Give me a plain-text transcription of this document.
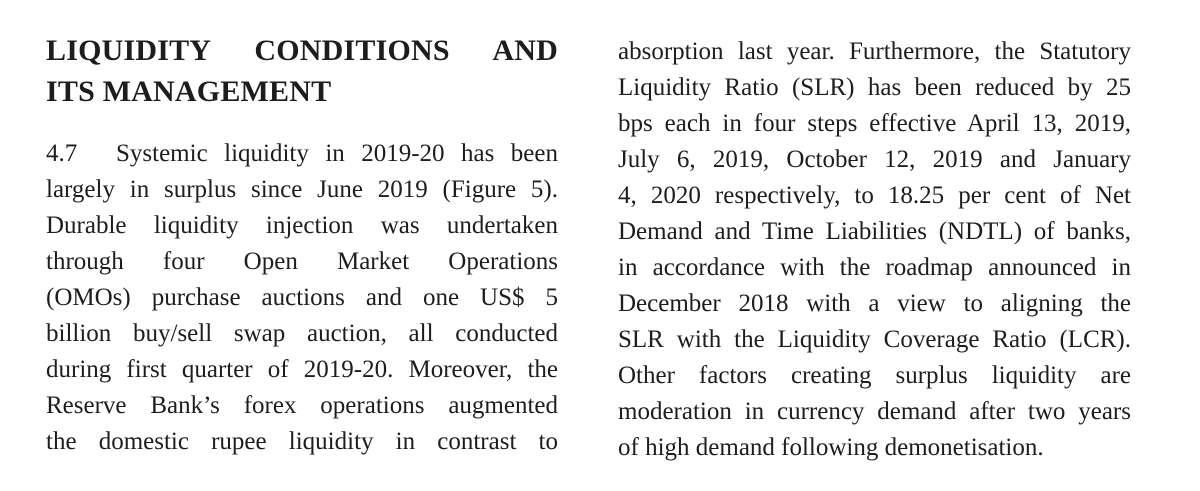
LIQUIDITY CONDITIONS AND
ITS MANAGEMENT
4.7	Systemic liquidity in 2019-20 has been
largely in surplus since June 2019 (Figure 5).
Durable liquidity injection was undertaken
through four Open Market Operations
(OMOs) purchase auctions and one US$ 5
billion buy/sell swap auction, all conducted
during first quarter of 2019-20. Moreover, the
Reserve Bank’s forex operations augmented
the domestic rupee liquidity in contrast to
absorption last year. Furthermore, the Statutory
Liquidity Ratio (SLR) has been reduced by 25
bps each in four steps effective April 13, 2019,
July 6, 2019, October 12, 2019 and January
4, 2020 respectively, to 18.25 per cent of Net
Demand and Time Liabilities (NDTL) of banks,
in accordance with the roadmap announced in
December 2018 with a view to aligning the
SLR with the Liquidity Coverage Ratio (LCR).
Other factors creating surplus liquidity are
moderation in currency demand after two years
of high demand following demonetisation.
